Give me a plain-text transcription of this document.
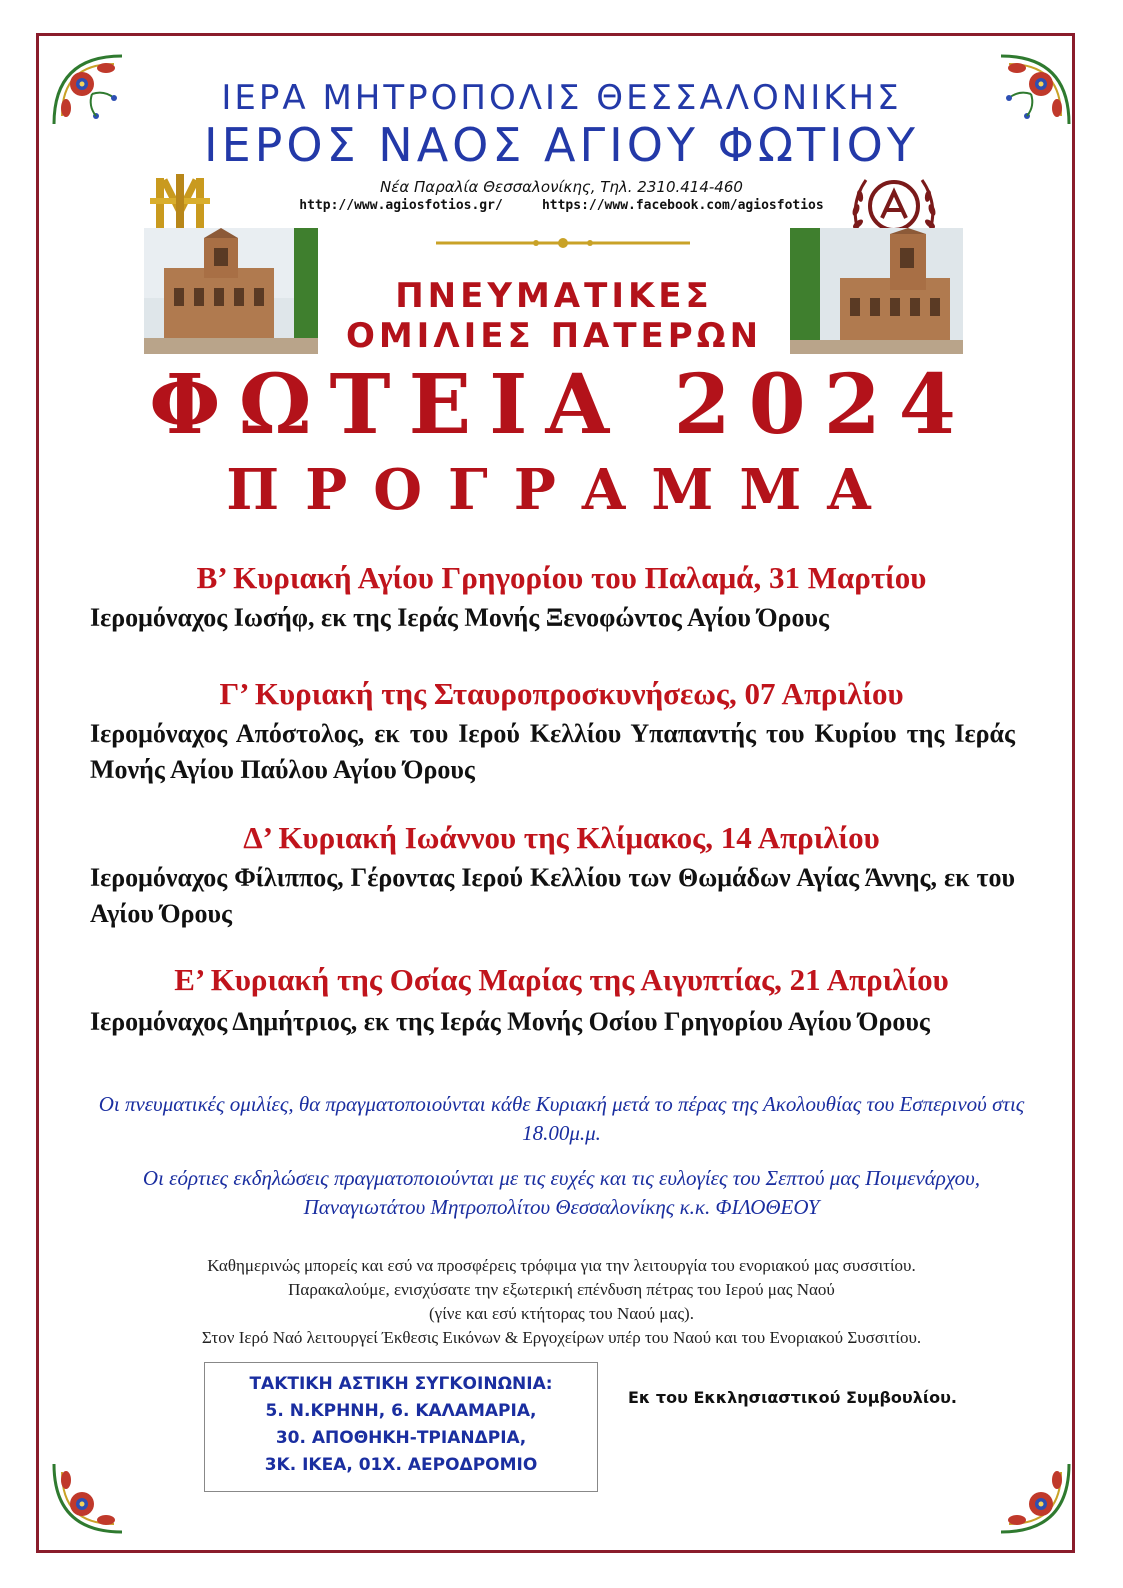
ΙΕΡΑ ΜΗΤΡΟΠΟΛΙΣ ΘΕΣΣΑΛΟΝΙΚΗΣ
ΙΕΡΟΣ ΝΑΟΣ ΑΓΙΟΥ ΦΩΤΙΟΥ
Νέα Παραλία Θεσσαλονίκης, Τηλ. 2310.414-460
http://www.agiosfotios.gr/	https://www.facebook.com/agiosfotios
ΠΝΕΥΜΑΤΙΚΕΣ
ΟΜΙΛΙΕΣ ΠΑΤΕΡΩΝ
ΦΩΤΕΙΑ 2024
ΠΡΟΓΡΑΜΜΑ
Β’ Κυριακή Αγίου Γρηγορίου του Παλαμά, 31 Μαρτίου
Ιερομόναχος Ιωσήφ, εκ της Ιεράς Μονής Ξενοφώντος Αγίου Όρους
Γ’ Κυριακή της Σταυροπροσκυνήσεως, 07 Απριλίου
Ιερομόναχος Απόστολος, εκ του Ιερού Κελλίου Υπαπαντής του Κυρίου της Ιεράς Μονής Αγίου Παύλου Αγίου Όρους
Δ’ Κυριακή Ιωάννου της Κλίμακος, 14 Απριλίου
Ιερομόναχος Φίλιππος, Γέροντας Ιερού Κελλίου των Θωμάδων Αγίας Άννης, εκ του Αγίου Όρους
Ε’ Κυριακή της Οσίας Μαρίας της Αιγυπτίας, 21 Απριλίου
Ιερομόναχος Δημήτριος, εκ της Ιεράς Μονής Οσίου Γρηγορίου Αγίου Όρους
Οι πνευματικές ομιλίες, θα πραγματοποιούνται κάθε Κυριακή μετά το πέρας της Ακολουθίας του Εσπερινού στις 18.00μ.μ.
Οι εόρτιες εκδηλώσεις πραγματοποιούνται με τις ευχές και τις ευλογίες του Σεπτού μας Ποιμενάρχου, Παναγιωτάτου Μητροπολίτου Θεσσαλονίκης κ.κ. ΦΙΛΟΘΕΟΥ
Καθημερινώς μπορείς και εσύ να προσφέρεις τρόφιμα για την λειτουργία του ενοριακού μας συσσιτίου.
Παρακαλούμε, ενισχύσατε την εξωτερική επένδυση πέτρας του Ιερού μας Ναού
(γίνε και εσύ κτήτορας του Ναού μας).
Στον Ιερό Ναό λειτουργεί Έκθεσις Εικόνων & Εργοχείρων υπέρ του Ναού και του Ενοριακού Συσσιτίου.
ΤΑΚΤΙΚΗ ΑΣΤΙΚΗ ΣΥΓΚΟΙΝΩΝΙΑ:
5. Ν.ΚΡΗΝΗ, 6. ΚΑΛΑΜΑΡΙΑ,
30. ΑΠΟΘΗΚΗ-ΤΡΙΑΝΔΡΙΑ,
3Κ. ΙΚΕΑ, 01Χ. ΑΕΡΟΔΡΟΜΙΟ
Εκ του Εκκλησιαστικού Συμβουλίου.
